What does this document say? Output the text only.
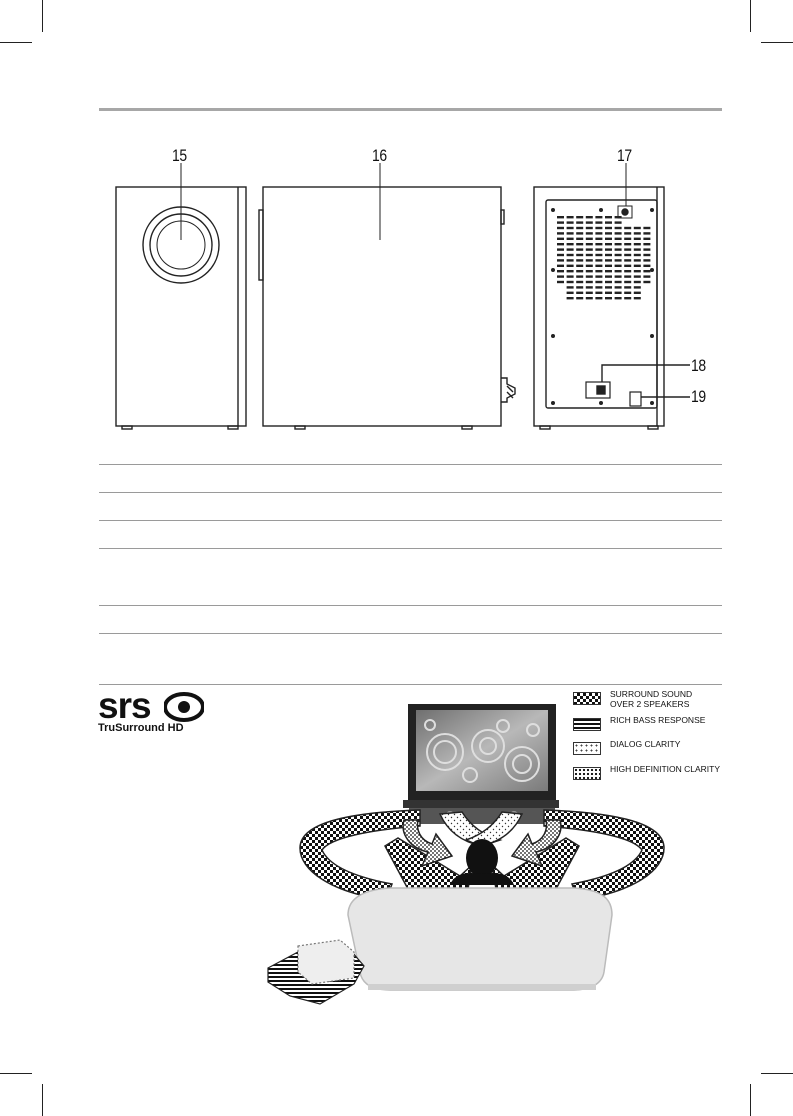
15	16	17
18
19
srs
TruSurround HD
SURROUND SOUND
OVER 2 SPEAKERS
RICH BASS RESPONSE
DIALOG CLARITY
HIGH DEFINITION CLARITY
